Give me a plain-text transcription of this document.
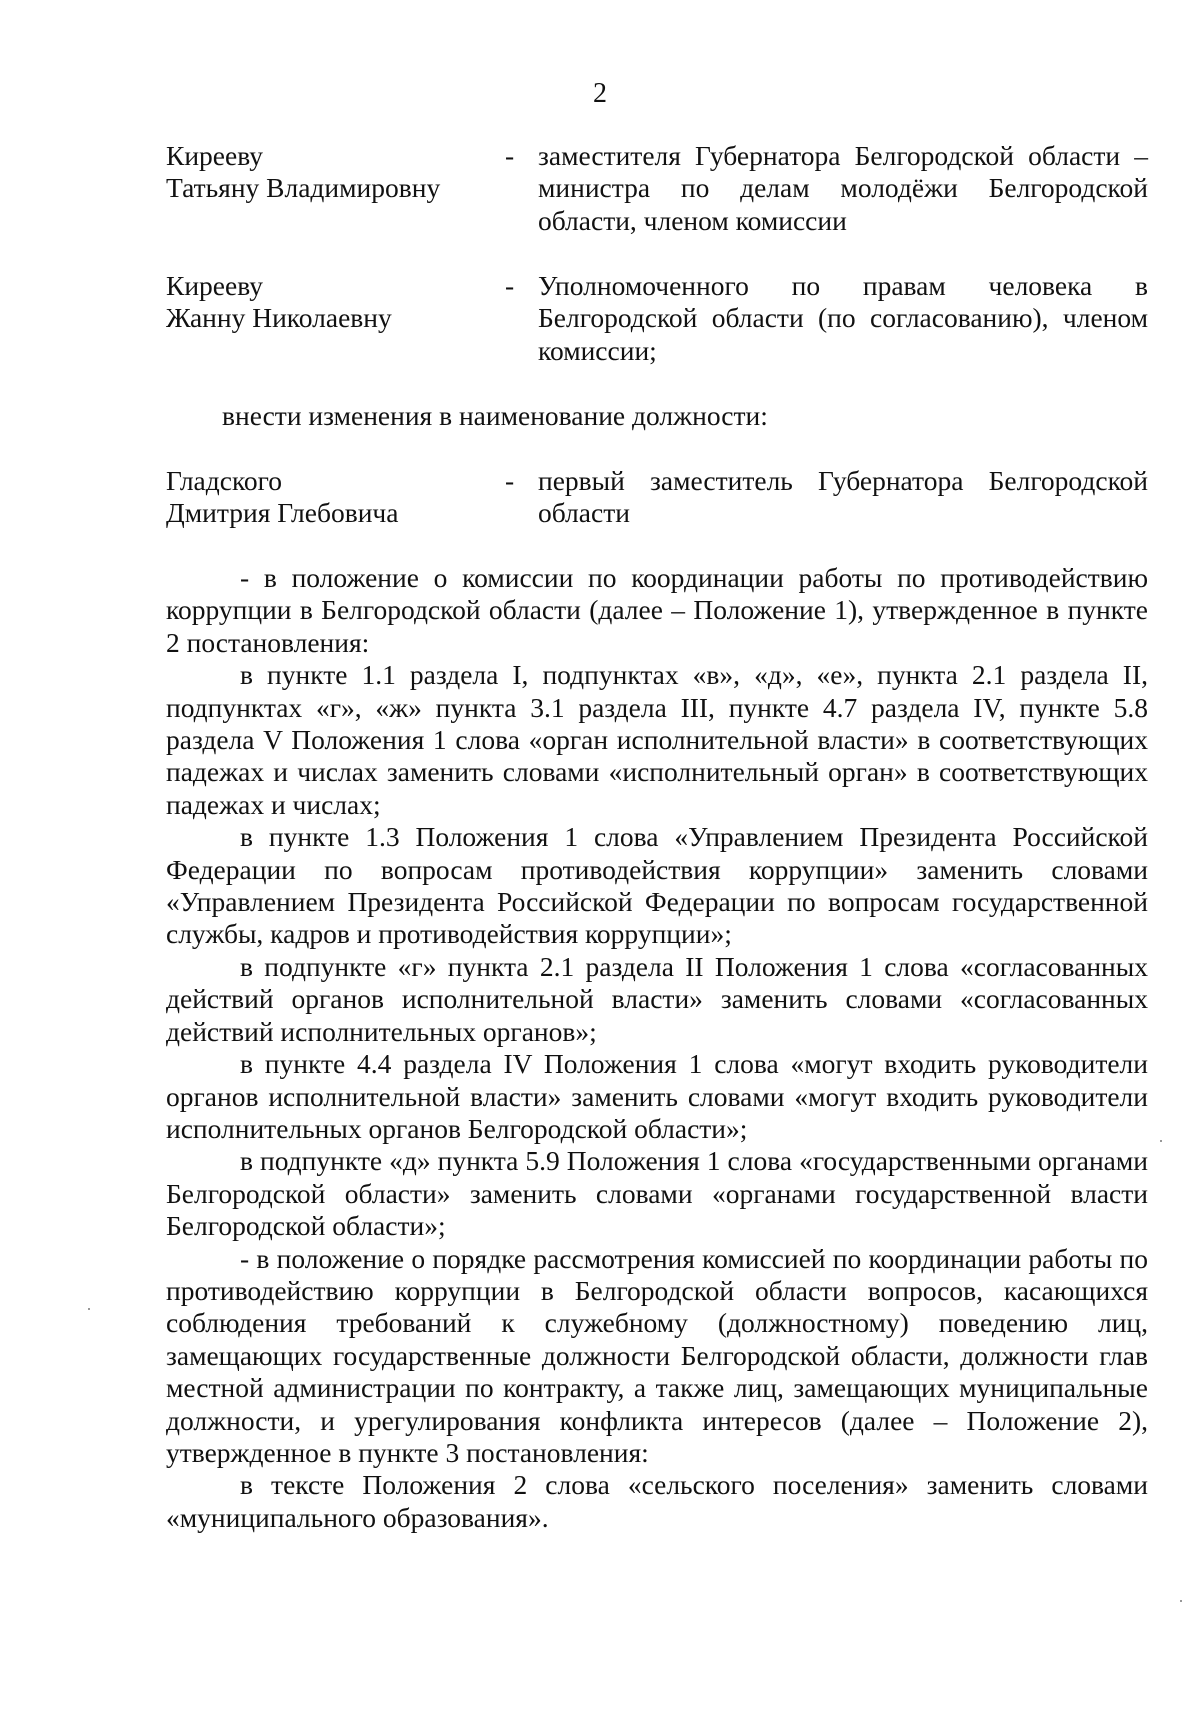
2
Кирееву
Татьяну Владимировну
- заместителя Губернатора Белгородской области – министра по делам молодёжи Белгородской области, членом комиссии
Кирееву
Жанну Николаевну
- Уполномоченного по правам человека в Белгородской области (по согласованию), членом комиссии;
внести изменения в наименование должности:
Гладского
Дмитрия Глебовича
- первый заместитель Губернатора Белгородской области

- в положение о комиссии по координации работы по противодействию коррупции в Белгородской области (далее – Положение 1), утвержденное в пункте 2 постановления:

в пункте 1.1 раздела I, подпунктах «в», «д», «е», пункта 2.1 раздела II, подпунктах «г», «ж» пункта 3.1 раздела III, пункте 4.7 раздела IV, пункте 5.8 раздела V Положения 1 слова «орган исполнительной власти» в соответствующих падежах и числах заменить словами «исполнительный орган» в соответствующих падежах и числах;

в пункте 1.3 Положения 1 слова «Управлением Президента Российской Федерации по вопросам противодействия коррупции» заменить словами «Управлением Президента Российской Федерации по вопросам государственной службы, кадров и противодействия коррупции»;

в подпункте «г» пункта 2.1 раздела II Положения 1 слова «согласованных действий органов исполнительной власти» заменить словами «согласованных действий исполнительных органов»;

в пункте 4.4 раздела IV Положения 1 слова «могут входить руководители органов исполнительной власти» заменить словами «могут входить руководители исполнительных органов Белгородской области»;

в подпункте «д» пункта 5.9 Положения 1 слова «государственными органами Белгородской области» заменить словами «органами государственной власти Белгородской области»;

- в положение о порядке рассмотрения комиссией по координации работы по противодействию коррупции в Белгородской области вопросов, касающихся соблюдения требований к служебному (должностному) поведению лиц, замещающих государственные должности Белгородской области, должности глав местной администрации по контракту, а также лиц, замещающих муниципальные должности, и урегулирования конфликта интересов (далее – Положение 2), утвержденное в пункте 3 постановления:

в тексте Положения 2 слова «сельского поселения» заменить словами «муниципального образования».
